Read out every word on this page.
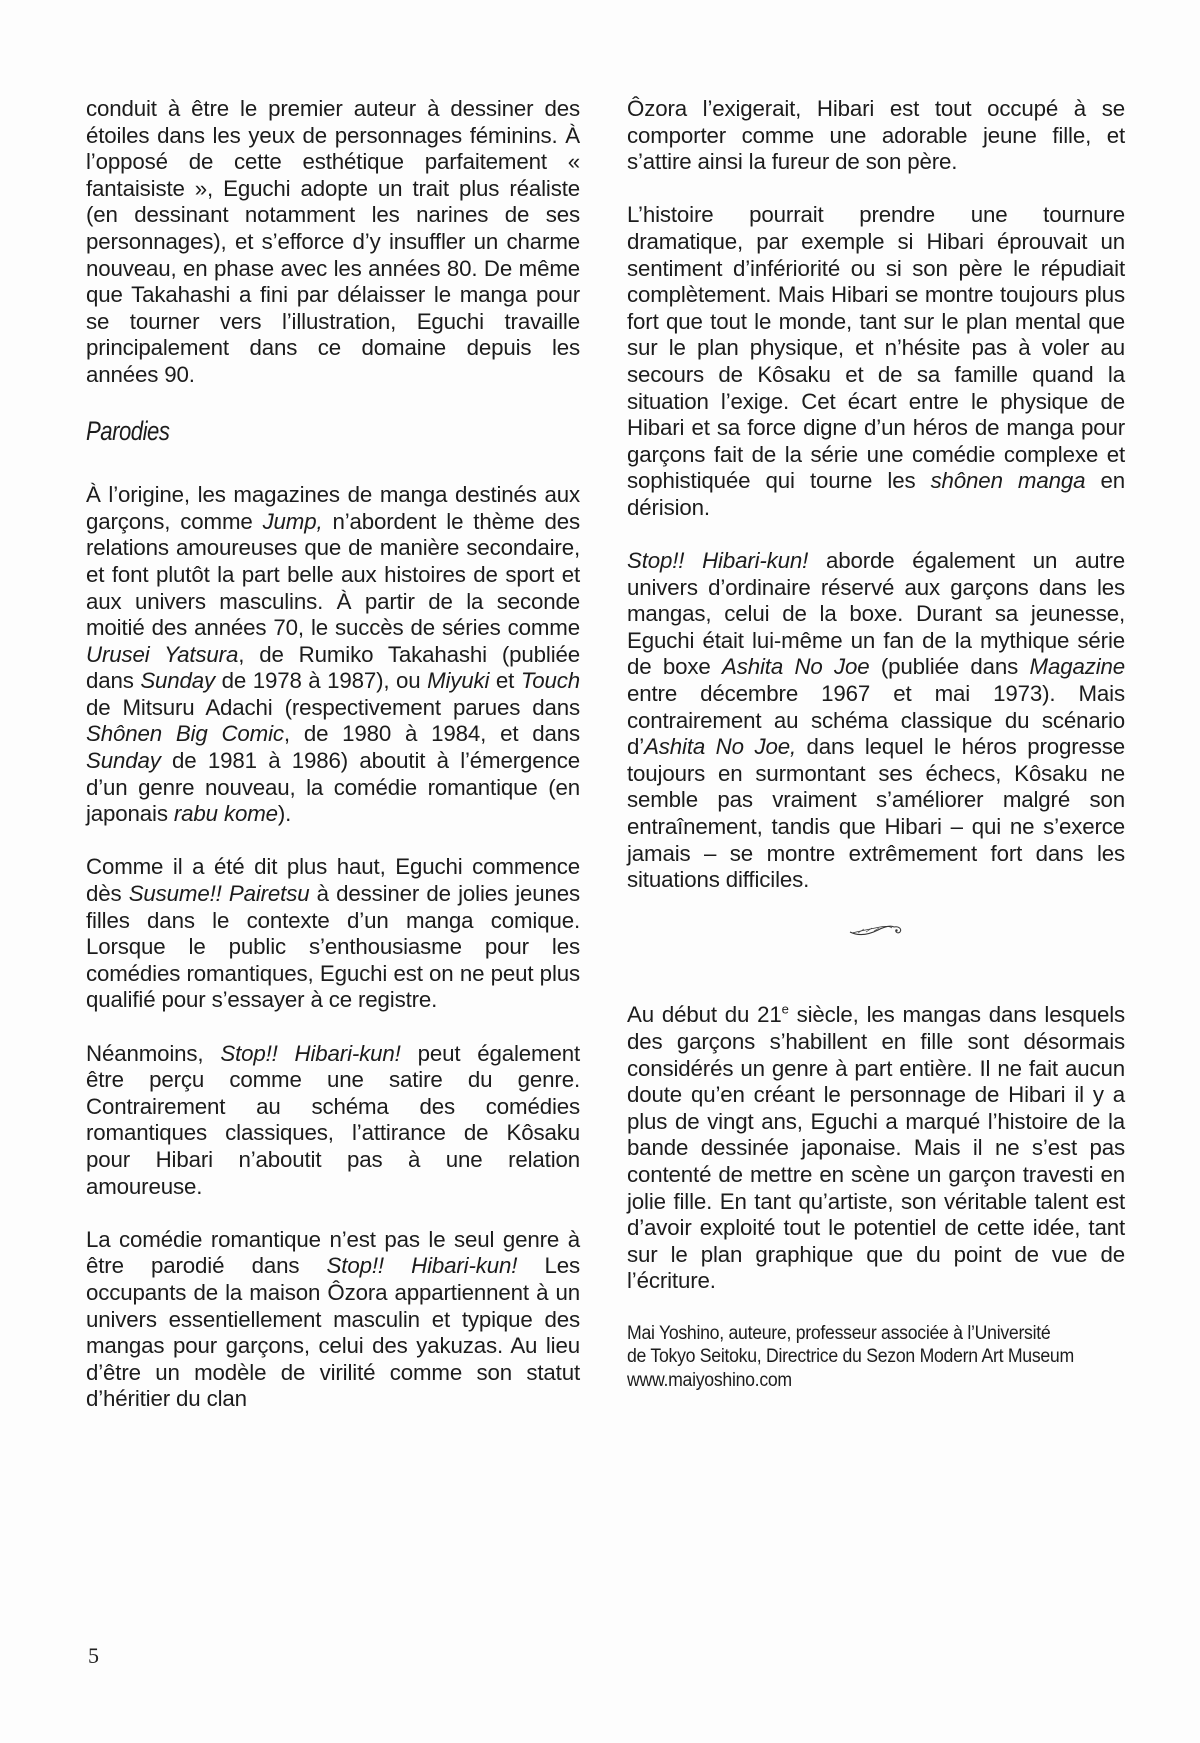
conduit à être le premier auteur à dessiner des étoiles dans les yeux de personnages féminins. À l’opposé de cette esthétique parfaitement « fantaisiste », Eguchi adopte un trait plus réaliste (en dessinant notamment les narines de ses personnages), et s’efforce d’y insuffler un charme nouveau, en phase avec les années 80. De même que Takahashi a fini par délaisser le manga pour se tourner vers l’illustration, Eguchi travaille principalement dans ce domaine depuis les années 90.

Parodies

À l’origine, les magazines de manga destinés aux garçons, comme Jump, n’abordent le thème des relations amoureuses que de manière secondaire, et font plutôt la part belle aux histoires de sport et aux univers masculins. À partir de la seconde moitié des années 70, le succès de séries comme Urusei Yatsura, de Rumiko Takahashi (publiée dans Sunday de 1978 à 1987), ou Miyuki et Touch de Mitsuru Adachi (respectivement parues dans Shônen Big Comic, de 1980 à 1984, et dans Sunday de 1981 à 1986) aboutit à l’émergence d’un genre nouveau, la comédie romantique (en japonais rabu kome).

Comme il a été dit plus haut, Eguchi commence dès Susume!! Pairetsu à dessiner de jolies jeunes filles dans le contexte d’un manga comique. Lorsque le public s’enthousiasme pour les comédies romantiques, Eguchi est on ne peut plus qualifié pour s’essayer à ce registre.

Néanmoins, Stop!! Hibari-kun! peut également être perçu comme une satire du genre. Contrairement au schéma des comédies romantiques classiques, l’attirance de Kôsaku pour Hibari n’aboutit pas à une relation amoureuse.

La comédie romantique n’est pas le seul genre à être parodié dans Stop!! Hibari-kun! Les occupants de la maison Ôzora appartiennent à un univers essentiellement masculin et typique des mangas pour garçons, celui des yakuzas. Au lieu d’être un modèle de virilité comme son statut d’héritier du clan

Ôzora l’exigerait, Hibari est tout occupé à se comporter comme une adorable jeune fille, et s’attire ainsi la fureur de son père.

L’histoire pourrait prendre une tournure dramatique, par exemple si Hibari éprouvait un sentiment d’infériorité ou si son père le répudiait complètement. Mais Hibari se montre toujours plus fort que tout le monde, tant sur le plan mental que sur le plan physique, et n’hésite pas à voler au secours de Kôsaku et de sa famille quand la situation l’exige. Cet écart entre le physique de Hibari et sa force digne d’un héros de manga pour garçons fait de la série une comédie complexe et sophistiquée qui tourne les shônen manga en dérision.

Stop!! Hibari-kun! aborde également un autre univers d’ordinaire réservé aux garçons dans les mangas, celui de la boxe. Durant sa jeunesse, Eguchi était lui-même un fan de la mythique série de boxe Ashita No Joe (publiée dans Magazine entre décembre 1967 et mai 1973). Mais contrairement au schéma classique du scénario d’Ashita No Joe, dans lequel le héros progresse toujours en surmontant ses échecs, Kôsaku ne semble pas vraiment s’améliorer malgré son entraînement, tandis que Hibari – qui ne s’exerce jamais – se montre extrêmement fort dans les situations difficiles.

Au début du 21e siècle, les mangas dans lesquels des garçons s’habillent en fille sont désormais considérés un genre à part entière. Il ne fait aucun doute qu’en créant le personnage de Hibari il y a plus de vingt ans, Eguchi a marqué l’histoire de la bande dessinée japonaise. Mais il ne s’est pas contenté de mettre en scène un garçon travesti en jolie fille. En tant qu’artiste, son véritable talent est d’avoir exploité tout le potentiel de cette idée, tant sur le plan graphique que du point de vue de l’écriture.

Mai Yoshino, auteure, professeur associée à l’Université
de Tokyo Seitoku, Directrice du Sezon Modern Art Museum
www.maiyoshino.com
5
